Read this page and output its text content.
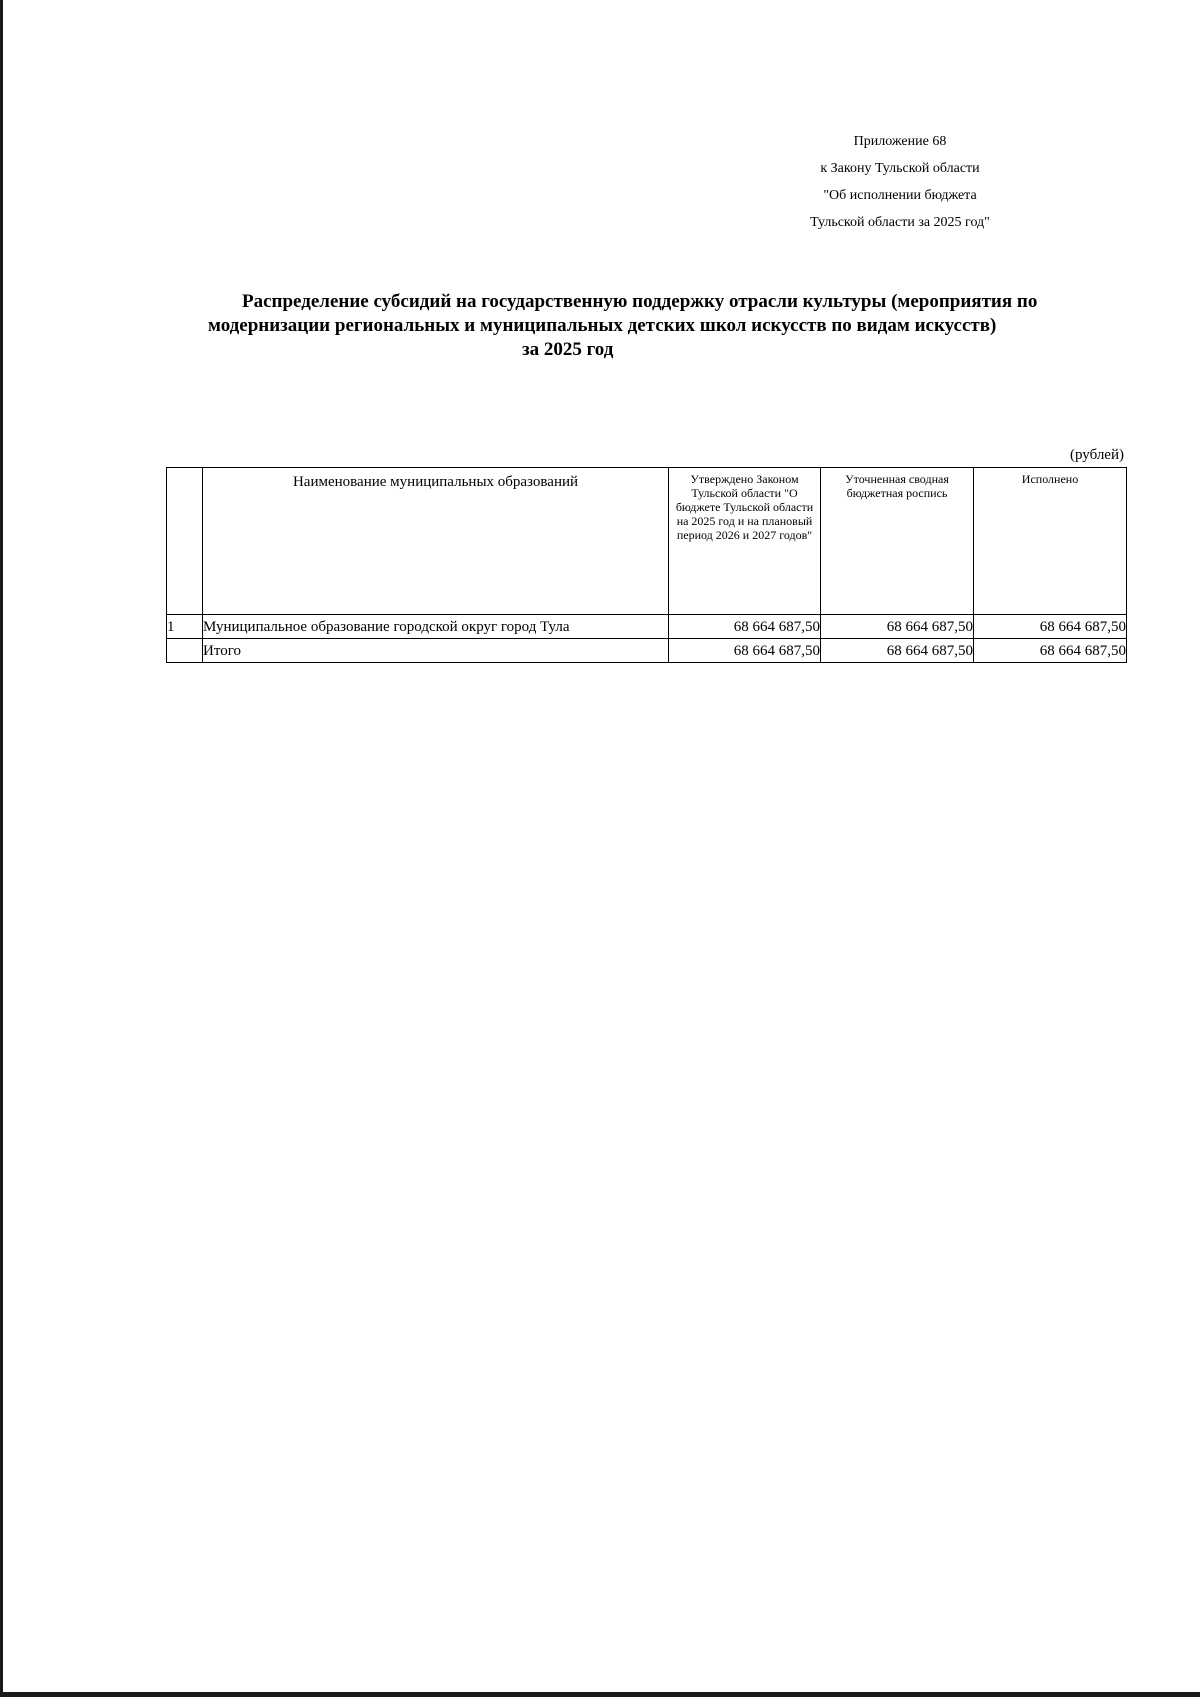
Приложение 68
к Закону Тульской области
"Об исполнении бюджета
Тульской области за 2025 год"
Распределение субсидий на государственную поддержку отрасли культуры (мероприятия по
модернизации региональных и муниципальных детских школ искусств по видам искусств)
за 2025 год
(рублей)
	Наименование муниципальных образований	Утверждено Законом Тульской области "О бюджете Тульской области на 2025 год и на плановый период 2026 и 2027 годов"	Уточненная сводная бюджетная роспись	Исполнено
1	Муниципальное образование городской округ город Тула	68 664 687,50	68 664 687,50	68 664 687,50
	Итого	68 664 687,50	68 664 687,50	68 664 687,50
